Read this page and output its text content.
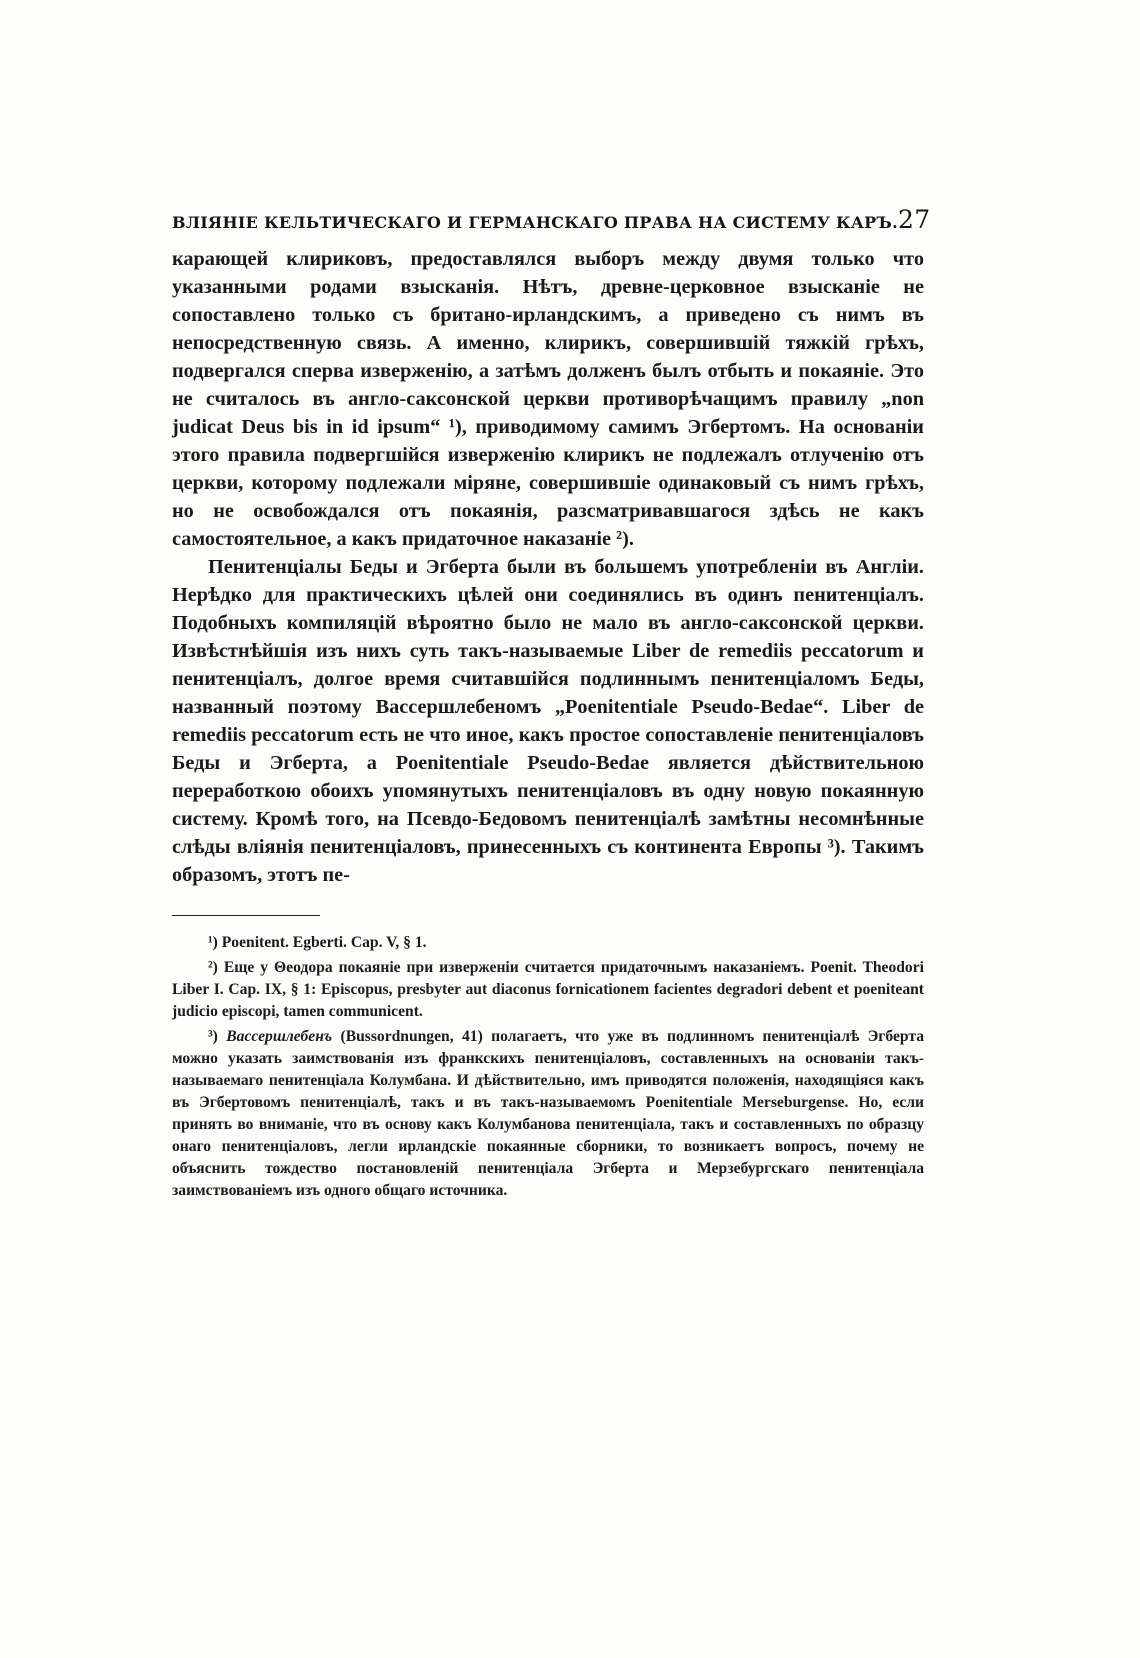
ВЛІЯНІЕ КЕЛЬТИЧЕСКАГО И ГЕРМАНСКАГО ПРАВА НА СИСТЕМУ КАРЪ. 27

карающей клириковъ, предоставлялся выборъ между двумя только что указанными родами взысканія. Нѣтъ, древне-церковное взысканіе не сопоставлено только съ британо-ирландскимъ, а приведено съ нимъ въ непосредственную связь. А именно, клирикъ, совершившій тяжкій грѣхъ, подвергался сперва изверженію, а затѣмъ долженъ былъ отбыть и покаяніе. Это не считалось въ англо-саксонской церкви противорѣчащимъ правилу „non judicat Deus bis in id ipsum“ ¹), приводимому самимъ Эгбертомъ. На основаніи этого правила подвергшійся изверженію клирикъ не подлежалъ отлученію отъ церкви, которому подлежали міряне, совершившіе одинаковый съ нимъ грѣхъ, но не освобождался отъ покаянія, разсматривавшагося здѣсь не какъ самостоятельное, а какъ придаточное наказаніе ²).

Пенитенціалы Беды и Эгберта были въ большемъ употребленіи въ Англіи. Нерѣдко для практическихъ цѣлей они соединялись въ одинъ пенитенціалъ. Подобныхъ компиляцій вѣроятно было не мало въ англо-саксонской церкви. Извѣстнѣйшія изъ нихъ суть такъ-называемые Liber de remediis peccatorum и пенитенціалъ, долгое время считавшійся подлиннымъ пенитенціаломъ Беды, названный поэтому Вассершлебеномъ „Poenitentiale Pseudo-Bedae“. Liber de remediis peccatorum есть не что иное, какъ простое сопоставленіе пенитенціаловъ Беды и Эгберта, а Poenitentiale Pseudo-Bedae является дѣйствительною переработкою обоихъ упомянутыхъ пенитенціаловъ въ одну новую покаянную систему. Кромѣ того, на Псевдо-Бедовомъ пенитенціалѣ замѣтны несомнѣнные слѣды вліянія пенитенціаловъ, принесенныхъ съ континента Европы ³). Такимъ образомъ, этотъ пе-

¹) Poenitent. Egberti. Cap. V, § 1.

²) Еще у Θеодора покаяніе при изверженіи считается придаточнымъ наказаніемъ. Poenit. Theodori Liber I. Cap. IX, § 1: Episcopus, presbyter aut diaconus fornicationem facientes degradori debent et poeniteant judicio episcopi, tamen communicent.

³) Вассершлебенъ (Bussordnungen, 41) полагаетъ, что уже въ подлинномъ пенитенціалѣ Эгберта можно указать заимствованія изъ франкскихъ пенитенціаловъ, составленныхъ на основаніи такъ-называемаго пенитенціала Колумбана. И дѣйствительно, имъ приводятся положенія, находящіяся какъ въ Эгбертовомъ пенитенціалѣ, такъ и въ такъ-называемомъ Poenitentiale Merseburgense. Но, если принять во вниманіе, что въ основу какъ Колумбанова пенитенціала, такъ и составленныхъ по образцу онаго пенитенціаловъ, легли ирландскіе покаянные сборники, то возникаетъ вопросъ, почему не объяснить тождество постановленій пенитенціала Эгберта и Мерзебургскаго пенитенціала заимствованіемъ изъ одного общаго источника.
